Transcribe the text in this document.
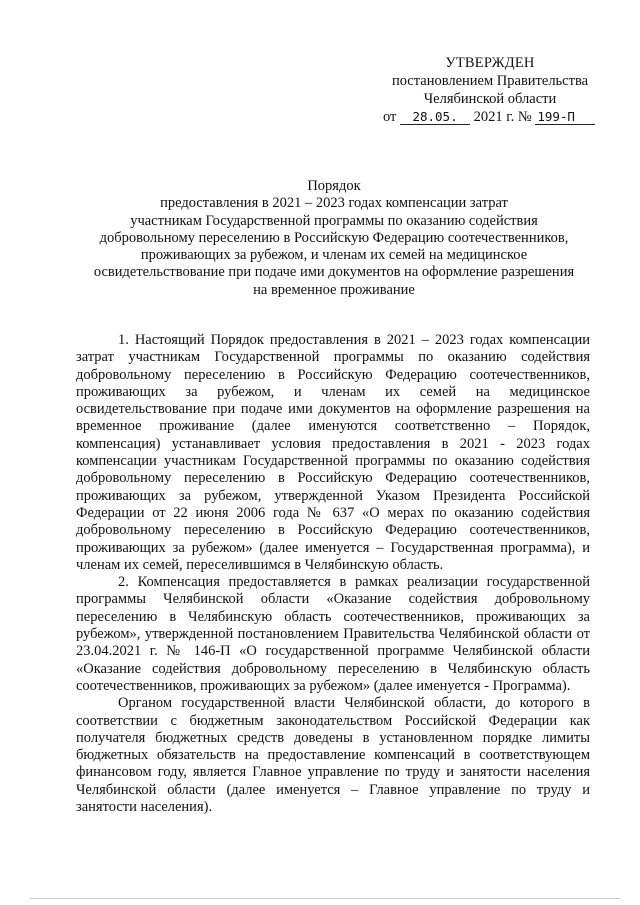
УТВЕРЖДЕН
постановлением Правительства
Челябинской области
от 28.05. 2021 г. № 199-П
Порядок
предоставления в 2021 – 2023 годах компенсации затрат
участникам Государственной программы по оказанию содействия
добровольному переселению в Российскую Федерацию соотечественников,
проживающих за рубежом, и членам их семей на медицинское
освидетельствование при подаче ими документов на оформление разрешения
на временное проживание

1. Настоящий Порядок предоставления в 2021 – 2023 годах компенсации затрат участникам Государственной программы по оказанию содействия добровольному переселению в Российскую Федерацию соотечественников, проживающих за рубежом, и членам их семей на медицинское освидетельствование при подаче ими документов на оформление разрешения на временное проживание (далее именуются соответственно – Порядок, компенсация) устанавливает условия предоставления в 2021 - 2023 годах компенсации участникам Государственной программы по оказанию содействия добровольному переселению в Российскую Федерацию соотечественников, проживающих за рубежом, утвержденной Указом Президента Российской Федерации от 22 июня 2006 года № 637 «О мерах по оказанию содействия добровольному переселению в Российскую Федерацию соотечественников, проживающих за рубежом» (далее именуется – Государственная программа), и членам их семей, переселившимся в Челябинскую область.

2. Компенсация предоставляется в рамках реализации государственной программы Челябинской области «Оказание содействия добровольному переселению в Челябинскую область соотечественников, проживающих за рубежом», утвержденной постановлением Правительства Челябинской области от 23.04.2021 г. № 146-П «О государственной программе Челябинской области «Оказание содействия добровольному переселению в Челябинскую область соотечественников, проживающих за рубежом» (далее именуется - Программа).

Органом государственной власти Челябинской области, до которого в соответствии с бюджетным законодательством Российской Федерации как получателя бюджетных средств доведены в установленном порядке лимиты бюджетных обязательств на предоставление компенсаций в соответствующем финансовом году, является Главное управление по труду и занятости населения Челябинской области (далее именуется – Главное управление по труду и занятости населения).
